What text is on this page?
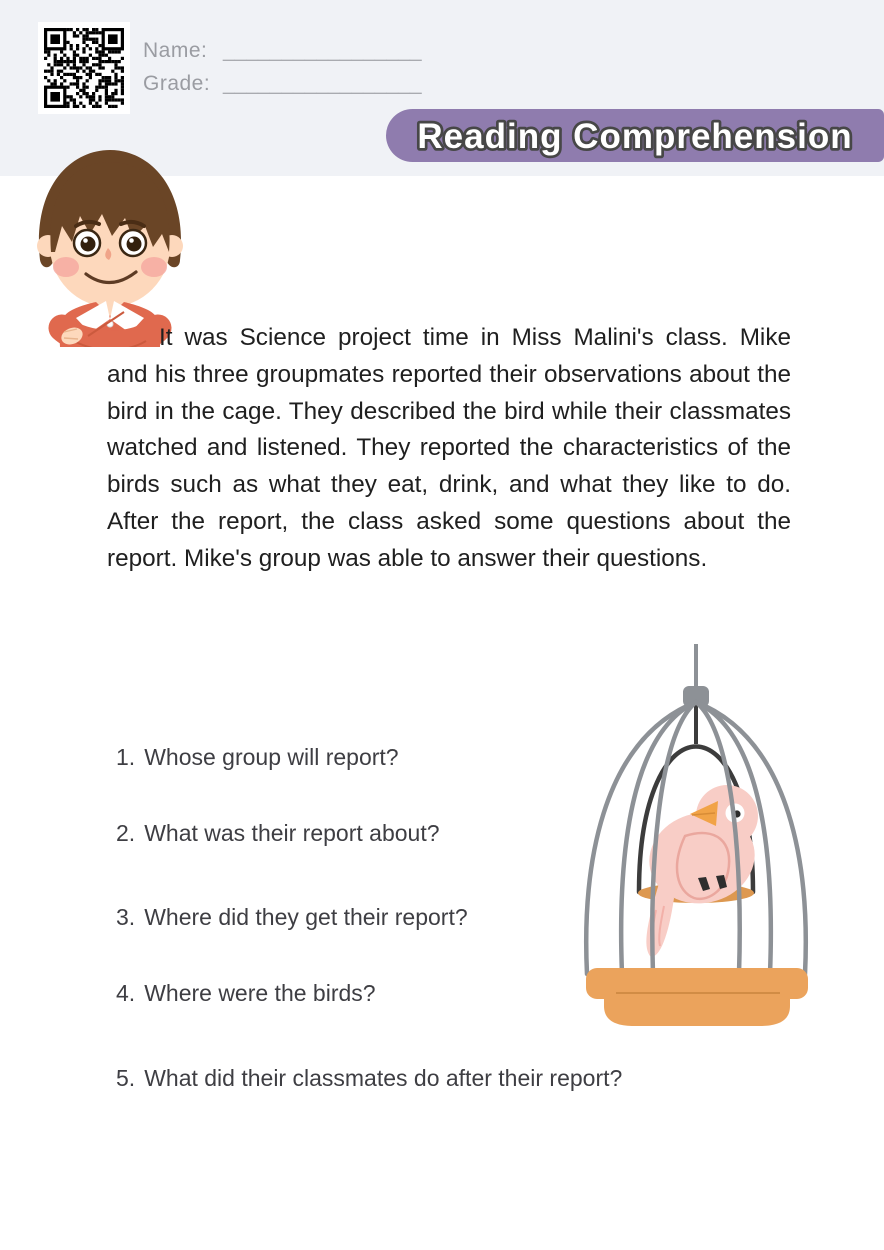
Name: _________________
Grade: _________________
Reading Comprehension
It was Science project time in Miss Malini's class. Mike and his three groupmates reported their observations about the bird in the cage. They described the bird while their classmates watched and listened. They reported the characteristics of the birds such as what they eat, drink, and what they like to do. After the report, the class asked some questions about the report. Mike's group was able to answer their questions.
1. Whose group will report?
2. What was their report about?
3. Where did they get their report?
4. Where were the birds?
5. What did their classmates do after their report?
